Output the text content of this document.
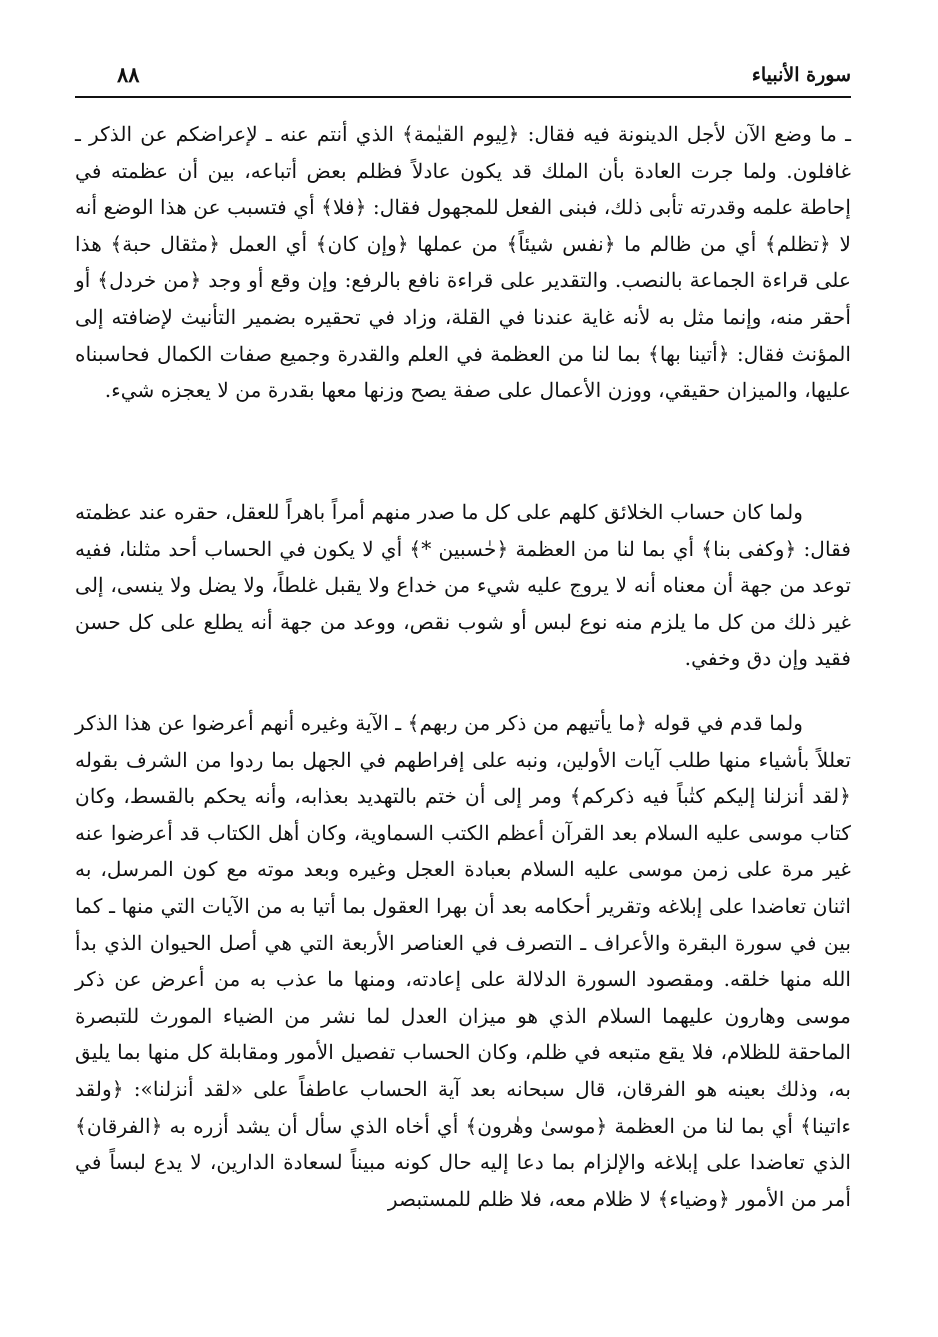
٨٨	سورة الأنبياء

ـ ما وضع الآن لأجل الدينونة فيه فقال: ﴿لِيوم القيٰمة﴾ الذي أنتم عنه ـ لإعراضكم عن الذكر ـ غافلون. ولما جرت العادة بأن الملك قد يكون عادلاً فظلم بعض أتباعه، بين أن عظمته في إحاطة علمه وقدرته تأبى ذلك، فبنى الفعل للمجهول فقال: ﴿فلا﴾ أي فتسبب عن هذا الوضع أنه لا ﴿تظلم﴾ أي من ظالم ما ﴿نفس شيئاً﴾ من عملها ﴿وإن كان﴾ أي العمل ﴿مثقال حبة﴾ هذا على قراءة الجماعة بالنصب. والتقدير على قراءة نافع بالرفع: وإن وقع أو وجد ﴿من خردل﴾ أو أحقر منه، وإنما مثل به لأنه غاية عندنا في القلة، وزاد في تحقيره بضمير التأنيث لإضافته إلى المؤنث فقال: ﴿أتينا بها﴾ بما لنا من العظمة في العلم والقدرة وجميع صفات الكمال فحاسبناه عليها، والميزان حقيقي، ووزن الأعمال على صفة يصح وزنها معها بقدرة من لا يعجزه شيء.

ولما كان حساب الخلائق كلهم على كل ما صدر منهم أمراً باهراً للعقل، حقره عند عظمته فقال: ﴿وكفى بنا﴾ أي بما لنا من العظمة ﴿حٰسبين *﴾ أي لا يكون في الحساب أحد مثلنا، ففيه توعد من جهة أن معناه أنه لا يروج عليه شيء من خداع ولا يقبل غلطاً، ولا يضل ولا ينسى، إلى غير ذلك من كل ما يلزم منه نوع لبس أو شوب نقص، ووعد من جهة أنه يطلع على كل حسن فقيد وإن دق وخفي.

ولما قدم في قوله ﴿ما يأتيهم من ذكر من ربهم﴾ ـ الآية وغيره أنهم أعرضوا عن هذا الذكر تعللاً بأشياء منها طلب آيات الأولين، ونبه على إفراطهم في الجهل بما ردوا من الشرف بقوله ﴿لقد أنزلنا إليكم كتٰباً فيه ذكركم﴾ ومر إلى أن ختم بالتهديد بعذابه، وأنه يحكم بالقسط، وكان كتاب موسى عليه السلام بعد القرآن أعظم الكتب السماوية، وكان أهل الكتاب قد أعرضوا عنه غير مرة على زمن موسى عليه السلام بعبادة العجل وغيره وبعد موته مع كون المرسل، به اثنان تعاضدا على إبلاغه وتقرير أحكامه بعد أن بهرا العقول بما أتيا به من الآيات التي منها ـ كما بين في سورة البقرة والأعراف ـ التصرف في العناصر الأربعة التي هي أصل الحيوان الذي بدأ الله منها خلقه. ومقصود السورة الدلالة على إعادته، ومنها ما عذب به من أعرض عن ذكر موسى وهارون عليهما السلام الذي هو ميزان العدل لما نشر من الضياء المورث للتبصرة الماحقة للظلام، فلا يقع متبعه في ظلم، وكان الحساب تفصيل الأمور ومقابلة كل منها بما يليق به، وذلك بعينه هو الفرقان، قال سبحانه بعد آية الحساب عاطفاً على «لقد أنزلنا»: ﴿ولقد ءاتينا﴾ أي بما لنا من العظمة ﴿موسىٰ وهٰرون﴾ أي أخاه الذي سأل أن يشد أزره به ﴿الفرقان﴾ الذي تعاضدا على إبلاغه والإلزام بما دعا إليه حال كونه مبيناً لسعادة الدارين، لا يدع لبساً في أمر من الأمور ﴿وضياء﴾ لا ظلام معه، فلا ظلم للمستبصر
